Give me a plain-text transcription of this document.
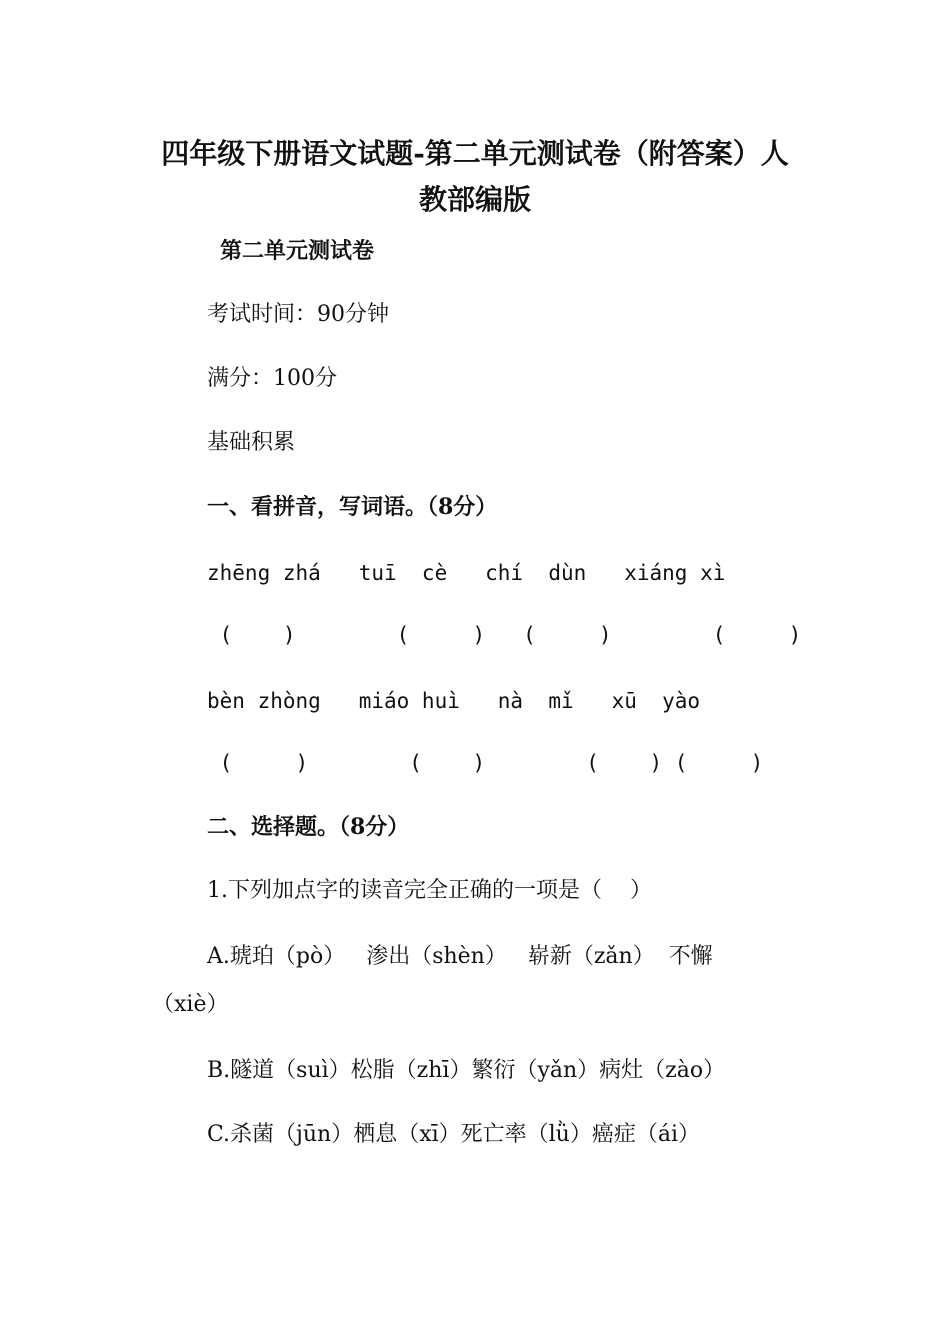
四年级下册语文试题-第二单元测试卷（附答案）人
教部编版
第二单元测试卷
考试时间：90分钟
满分：100分
基础积累
一、看拼音，写词语。（8分）
zhēng zhá   tuī  cè   chí  dùn   xiáng xì
(    )        (     )   (     )        (     )
bèn zhòng   miáo huì   nà  mǐ   xū  yào
(     )        (    )        (    ) (     )
二、选择题。（8分）
1.下列加点字的读音完全正确的一项是（    ）
A.琥珀（pò）   渗出（shèn）   崭新（zǎn）  不懈
（xiè）
B.隧道（suì）松脂（zhī）繁衍（yǎn）病灶（zào）
C.杀菌（jūn）栖息（xī）死亡率（lǜ）癌症（ái）
